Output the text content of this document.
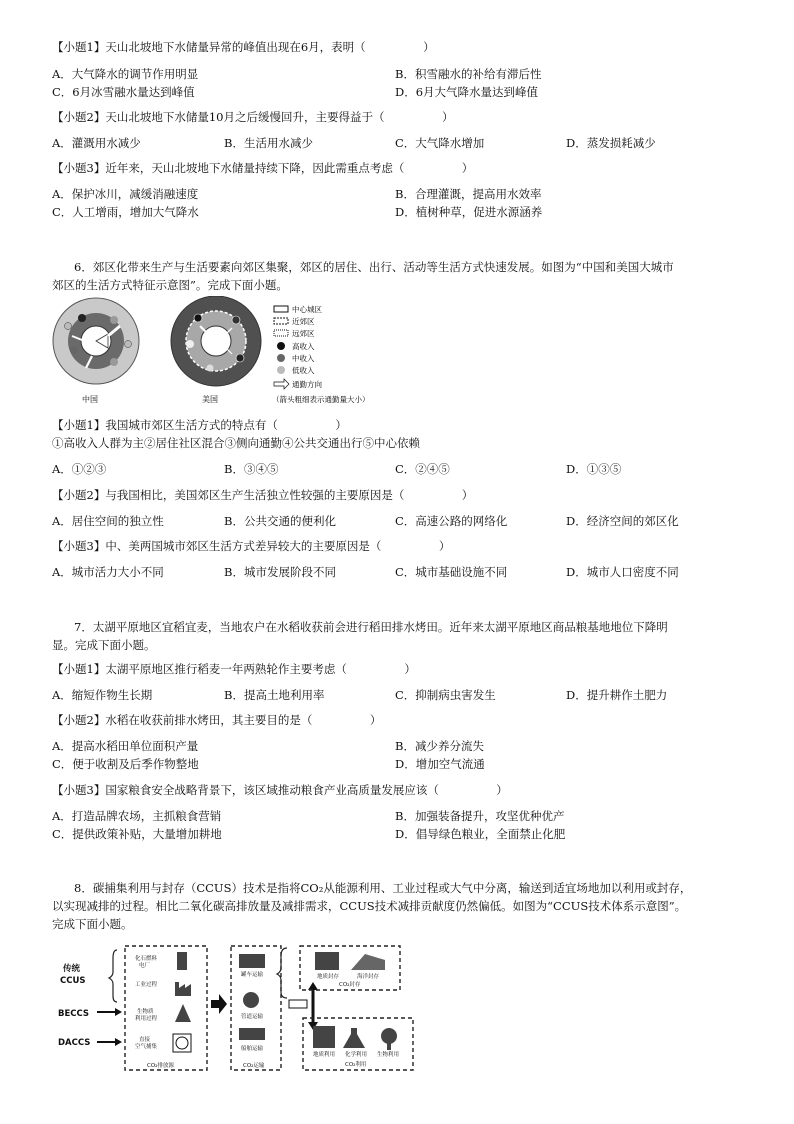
【小题1】天山北坡地下水储量异常的峰值出现在6月，表明（　　　　　）
A．大气降水的调节作用明显	B．积雪融水的补给有滞后性
C．6月冰雪融水量达到峰值	D．6月大气降水量达到峰值
【小题2】天山北坡地下水储量10月之后缓慢回升，主要得益于（　　　　　）
A．灌溉用水减少	B．生活用水减少	C．大气降水增加	D．蒸发损耗减少
【小题3】近年来，天山北坡地下水储量持续下降，因此需重点考虑（　　　　　）
A．保护冰川，减缓消融速度	B．合理灌溉，提高用水效率
C．人工增雨，增加大气降水	D．植树种草，促进水源涵养
6．郊区化带来生产与生活要素向郊区集聚，郊区的居住、出行、活动等生活方式快速发展。如图为“中国和美国大城市
郊区的生活方式特征示意图”。完成下面小题。
中国	美国
中心城区
近郊区
远郊区
高收入
中收入
低收入
通勤方向
（箭头粗细表示通勤量大小）
【小题1】我国城市郊区生活方式的特点有（　　　　　）
①高收入人群为主②居住社区混合③侧向通勤④公共交通出行⑤中心依赖
A．①②③	B．③④⑤	C．②④⑤	D．①③⑤
【小题2】与我国相比，美国郊区生产生活独立性较强的主要原因是（　　　　　）
A．居住空间的独立性	B．公共交通的便利化	C．高速公路的网络化	D．经济空间的郊区化
【小题3】中、美两国城市郊区生活方式差异较大的主要原因是（　　　　　）
A．城市活力大小不同	B．城市发展阶段不同	C．城市基础设施不同	D．城市人口密度不同
7．太湖平原地区宜稻宜麦，当地农户在水稻收获前会进行稻田排水烤田。近年来太湖平原地区商品粮基地地位下降明
显。完成下面小题。
【小题1】太湖平原地区推行稻麦一年两熟轮作主要考虑（　　　　　）
A．缩短作物生长期	B．提高土地利用率	C．抑制病虫害发生	D．提升耕作土肥力
【小题2】水稻在收获前排水烤田，其主要目的是（　　　　　）
A．提高水稻田单位面积产量	B．减少养分流失
C．便于收割及后季作物整地	D．增加空气流通
【小题3】国家粮食安全战略背景下，该区域推动粮食产业高质量发展应该（　　　　　）
A．打造品牌农场，主抓粮食营销	B．加强装备提升，攻坚优种优产
C．提供政策补贴，大量增加耕地	D．倡导绿色粮业，全面禁止化肥
8．碳捕集利用与封存（CCUS）技术是指将CO₂从能源利用、工业过程或大气中分离，输送到适宜场地加以利用或封存，
以实现减排的过程。相比二氧化碳高排放量及减排需求，CCUS技术减排贡献度仍然偏低。如图为“CCUS技术体系示意图”。
完成下面小题。
传统
CCUS
BECCS
DACCS
化石燃料
电厂
工业过程
生物质
利用过程
直接
空气捕集
CO₂排放源
罐车运输
管道运输
船舶运输
CO₂运输
地质封存	海洋封存
CO₂封存
地质利用 化学利用 生物利用
CO₂利用
